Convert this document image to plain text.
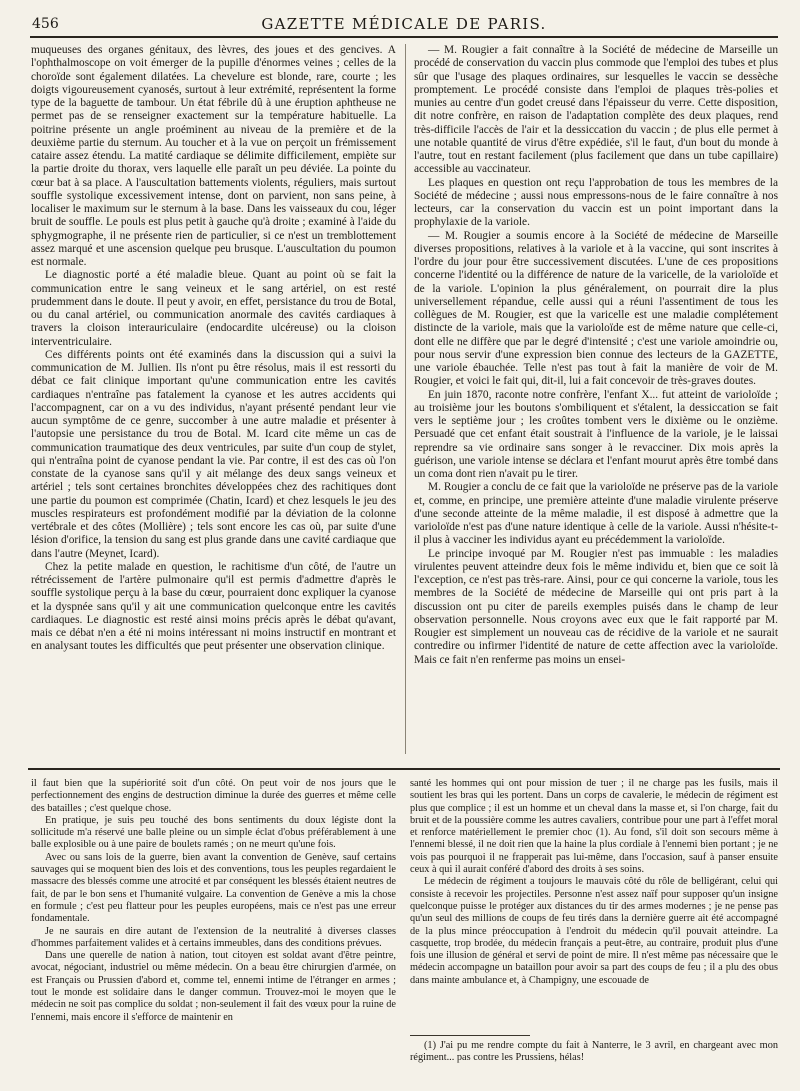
456	GAZETTE MÉDICALE DE PARIS.

muqueuses des organes génitaux, des lèvres, des joues et des gencives. A l'ophthalmoscope on voit émerger de la pupille d'énormes veines ; celles de la choroïde sont également dilatées. La chevelure est blonde, rare, courte ; les doigts vigoureusement cyanosés, surtout à leur extrémité, représentent la forme type de la baguette de tambour. Un état fébrile dû à une éruption aphtheuse ne permet pas de se renseigner exactement sur la température habituelle. La poitrine présente un angle proéminent au niveau de la première et de la deuxième partie du sternum. Au toucher et à la vue on perçoit un frémissement cataire assez étendu. La matité cardiaque se délimite difficilement, empiète sur la partie droite du thorax, vers laquelle elle paraît un peu déviée. La pointe du cœur bat à sa place. A l'auscultation battements violents, réguliers, mais surtout souffle systolique excessivement intense, dont on parvient, non sans peine, à localiser le maximum sur le sternum à la base. Dans les vaisseaux du cou, léger bruit de souffle. Le pouls est plus petit à gauche qu'à droite ; examiné à l'aide du sphygmographe, il ne présente rien de particulier, si ce n'est un tremblottement assez marqué et une ascension quelque peu brusque. L'auscultation du poumon est normale.

Le diagnostic porté a été maladie bleue. Quant au point où se fait la communication entre le sang veineux et le sang artériel, on est resté prudemment dans le doute. Il peut y avoir, en effet, persistance du trou de Botal, ou du canal artériel, ou communication anormale des cavités cardiaques à travers la cloison interauriculaire (endocardite ulcéreuse) ou la cloison interventriculaire.

Ces différents points ont été examinés dans la discussion qui a suivi la communication de M. Jullien. Ils n'ont pu être résolus, mais il est ressorti du débat ce fait clinique important qu'une communication entre les cavités cardiaques n'entraîne pas fatalement la cyanose et les autres accidents qui l'accompagnent, car on a vu des individus, n'ayant présenté pendant leur vie aucun symptôme de ce genre, succomber à une autre maladie et présenter à l'autopsie une persistance du trou de Botal. M. Icard cite même un cas de communication traumatique des deux ventricules, par suite d'un coup de stylet, qui n'entraîna point de cyanose pendant la vie. Par contre, il est des cas où l'on constate de la cyanose sans qu'il y ait mélange des deux sangs veineux et artériel ; tels sont certaines bronchites développées chez des rachitiques dont une partie du poumon est comprimée (Chatin, Icard) et chez lesquels le jeu des muscles respirateurs est profondément modifié par la déviation de la colonne vertébrale et des côtes (Mollière) ; tels sont encore les cas où, par suite d'une lésion d'orifice, la tension du sang est plus grande dans une cavité cardiaque que dans l'autre (Meynet, Icard).

Chez la petite malade en question, le rachitisme d'un côté, de l'autre un rétrécissement de l'artère pulmonaire qu'il est permis d'admettre d'après le souffle systolique perçu à la base du cœur, pourraient donc expliquer la cyanose et la dyspnée sans qu'il y ait une communication quelconque entre les cavités cardiaques. Le diagnostic est resté ainsi moins précis après le débat qu'avant, mais ce débat n'en a été ni moins intéressant ni moins instructif en montrant et en analysant toutes les difficultés que peut présenter une observation clinique.

— M. Rougier a fait connaître à la Société de médecine de Marseille un procédé de conservation du vaccin plus commode que l'emploi des tubes et plus sûr que l'usage des plaques ordinaires, sur lesquelles le vaccin se dessèche promptement. Le procédé consiste dans l'emploi de plaques très-polies et munies au centre d'un godet creusé dans l'épaisseur du verre. Cette disposition, dit notre confrère, en raison de l'adaptation complète des deux plaques, rend très-difficile l'accès de l'air et la dessiccation du vaccin ; de plus elle permet à une notable quantité de virus d'être expédiée, s'il le faut, d'un bout du monde à l'autre, tout en restant facilement (plus facilement que dans un tube capillaire) accessible au vaccinateur.

Les plaques en question ont reçu l'approbation de tous les membres de la Société de médecine ; aussi nous empressons-nous de le faire connaître à nos lecteurs, car la conservation du vaccin est un point important dans la prophylaxie de la variole.

— M. Rougier a soumis encore à la Société de médecine de Marseille diverses propositions, relatives à la variole et à la vaccine, qui sont inscrites à l'ordre du jour pour être successivement discutées. L'une de ces propositions concerne l'identité ou la différence de nature de la varicelle, de la varioloïde et de la variole. L'opinion la plus généralement, on pourrait dire la plus universellement répandue, celle aussi qui a réuni l'assentiment de tous les collègues de M. Rougier, est que la varicelle est une maladie complétement distincte de la variole, mais que la varioloïde est de même nature que celle-ci, dont elle ne diffère que par le degré d'intensité ; c'est une variole amoindrie ou, pour nous servir d'une expression bien connue des lecteurs de la GAZETTE, une variole ébauchée. Telle n'est pas tout à fait la manière de voir de M. Rougier, et voici le fait qui, dit-il, lui a fait concevoir de très-graves doutes.

En juin 1870, raconte notre confrère, l'enfant X... fut atteint de varioloïde ; au troisième jour les boutons s'ombiliquent et s'étalent, la dessiccation se fait vers le septième jour ; les croûtes tombent vers le dixième ou le onzième. Persuadé que cet enfant était soustrait à l'influence de la variole, je le laissai reprendre sa vie ordinaire sans songer à le revacciner. Dix mois après la guérison, une variole intense se déclara et l'enfant mourut après être tombé dans un coma dont rien n'avait pu le tirer.

M. Rougier a conclu de ce fait que la varioloïde ne préserve pas de la variole et, comme, en principe, une première atteinte d'une maladie virulente préserve d'une seconde atteinte de la même maladie, il est disposé à admettre que la varioloïde n'est pas d'une nature identique à celle de la variole. Aussi n'hésite-t-il plus à vacciner les individus ayant eu précédemment la varioloïde.

Le principe invoqué par M. Rougier n'est pas immuable : les maladies virulentes peuvent atteindre deux fois le même individu et, bien que ce soit là l'exception, ce n'est pas très-rare. Ainsi, pour ce qui concerne la variole, tous les membres de la Société de médecine de Marseille qui ont pris part à la discussion ont pu citer de pareils exemples puisés dans le champ de leur observation personnelle. Nous croyons avec eux que le fait rapporté par M. Rougier est simplement un nouveau cas de récidive de la variole et ne saurait contredire ou infirmer l'identité de nature de cette affection avec la varioloïde. Mais ce fait n'en renferme pas moins un ensei-

il faut bien que la supériorité soit d'un côté. On peut voir de nos jours que le perfectionnement des engins de destruction diminue la durée des guerres et même celle des batailles ; c'est quelque chose.

En pratique, je suis peu touché des bons sentiments du doux légiste dont la sollicitude m'a réservé une balle pleine ou un simple éclat d'obus préférablement à une balle explosible ou à une paire de boulets ramés ; on ne meurt qu'une fois.

Avec ou sans lois de la guerre, bien avant la convention de Genève, sauf certains sauvages qui se moquent bien des lois et des conventions, tous les peuples regardaient le massacre des blessés comme une atrocité et par conséquent les blessés étaient neutres de fait, de par le bon sens et l'humanité vulgaire. La convention de Genève a mis la chose en formule ; c'est peu flatteur pour les peuples européens, mais ce n'est pas une erreur fondamentale.

Je ne saurais en dire autant de l'extension de la neutralité à diverses classes d'hommes parfaitement valides et à certains immeubles, dans des conditions prévues.

Dans une querelle de nation à nation, tout citoyen est soldat avant d'être peintre, avocat, négociant, industriel ou même médecin. On a beau être chirurgien d'armée, on est Français ou Prussien d'abord et, comme tel, ennemi intime de l'étranger en armes ; tout le monde est solidaire dans le danger commun. Trouvez-moi le moyen que le médecin ne soit pas complice du soldat ; non-seulement il fait des vœux pour la ruine de l'ennemi, mais encore il s'efforce de maintenir en

santé les hommes qui ont pour mission de tuer ; il ne charge pas les fusils, mais il soutient les bras qui les portent. Dans un corps de cavalerie, le médecin de régiment est plus que complice ; il est un homme et un cheval dans la masse et, si l'on charge, fait du bruit et de la poussière comme les autres cavaliers, contribue pour une part à l'effet moral et renforce matériellement le premier choc (1). Au fond, s'il doit son secours même à l'ennemi blessé, il ne doit rien que la haine la plus cordiale à l'ennemi bien portant ; je ne vois pas pourquoi il ne frapperait pas lui-même, dans l'occasion, sauf à panser ensuite ceux à qui il aurait conféré d'abord des droits à ses soins.

Le médecin de régiment a toujours le mauvais côté du rôle de belligérant, celui qui consiste à recevoir les projectiles. Personne n'est assez naïf pour supposer qu'un insigne quelconque puisse le protéger aux distances du tir des armes modernes ; je ne pense pas qu'un seul des millions de coups de feu tirés dans la dernière guerre ait été accompagné de la plus mince préoccupation à l'endroit du médecin qu'il pouvait atteindre. La casquette, trop brodée, du médecin français a peut-être, au contraire, produit plus d'une fois une illusion de général et servi de point de mire. Il n'est même pas nécessaire que le médecin accompagne un bataillon pour avoir sa part des coups de feu ; il a plu des obus dans mainte ambulance et, à Champigny, une escouade de

(1) J'ai pu me rendre compte du fait à Nanterre, le 3 avril, en chargeant avec mon régiment... pas contre les Prussiens, hélas!
